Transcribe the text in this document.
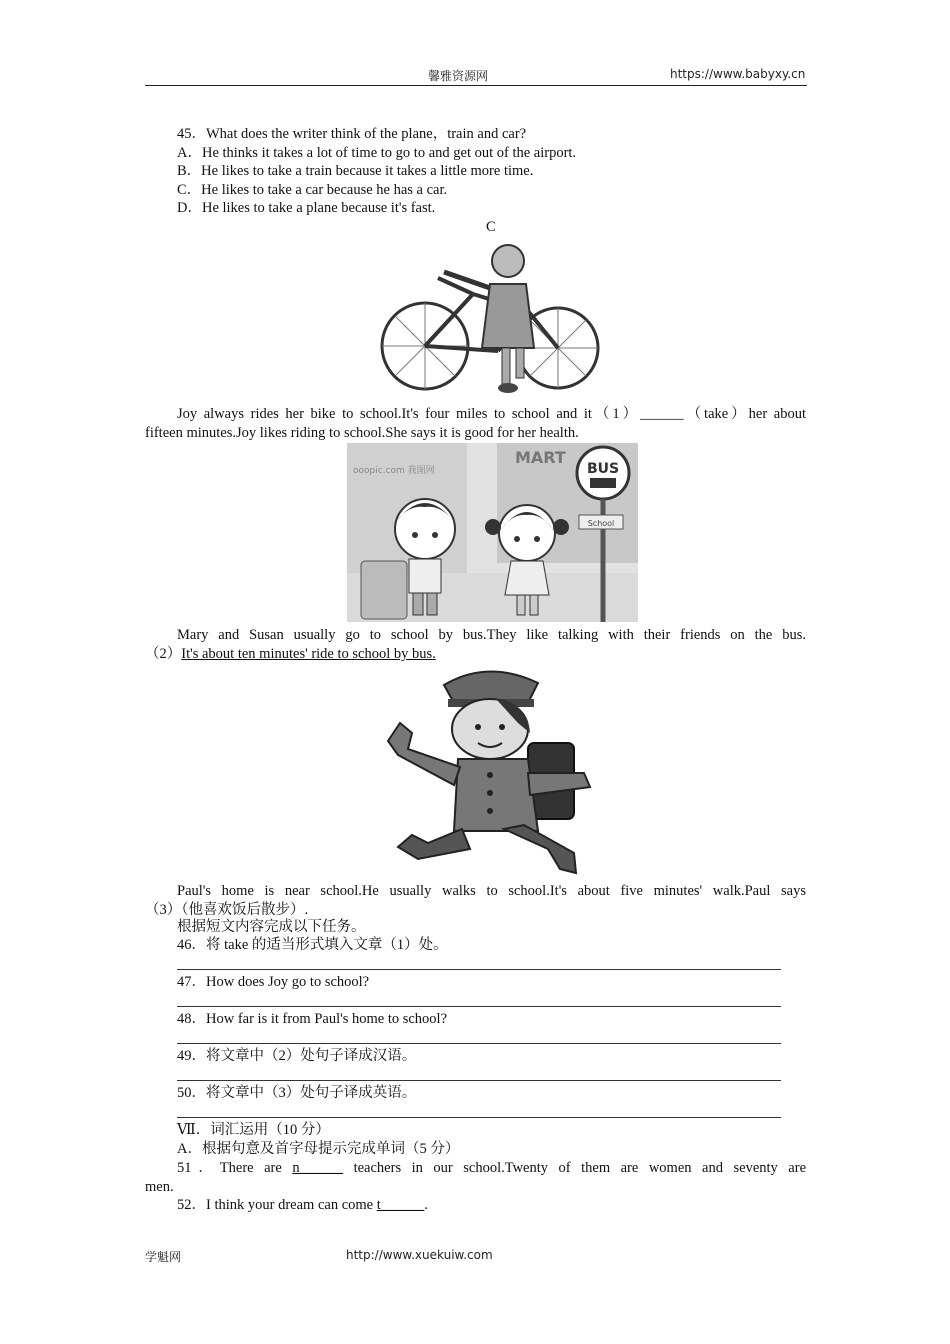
馨雅资源网	https://www.babyxy.cn
45．What does the writer think of the plane，train and car?
A．He thinks it takes a lot of time to go to and get out of the airport.
B．He likes to take a train because it takes a little more time.
C．He likes to take a car because he has a car.
D．He likes to take a plane because it's fast.
C
Joy always rides her bike to school.It's four miles to school and it（1）______（take）her about
fifteen minutes.Joy likes riding to school.She says it is good for her health.
MART
ooopic.com 我图网	BUS
School
Mary and Susan usually go to school by bus.They like talking with their friends on the bus.
（2）It's about ten minutes' ride to school by bus.
Paul's home is near school.He usually walks to school.It's about five minutes' walk.Paul says
（3）（他喜欢饭后散步）.
根据短文内容完成以下任务。
46．将 take 的适当形式填入文章（1）处。
47．How does Joy go to school?
48．How far is it from Paul's home to school?
49．将文章中（2）处句子译成汉语。
50．将文章中（3）处句子译成英语。
Ⅶ．词汇运用（10 分）
A．根据句意及首字母提示完成单词（5 分）
51．There are n______ teachers in our school.Twenty of them are women and seventy are
men.
52．I think your dream can come t______.
学魁网	http://www.xuekuiw.com
